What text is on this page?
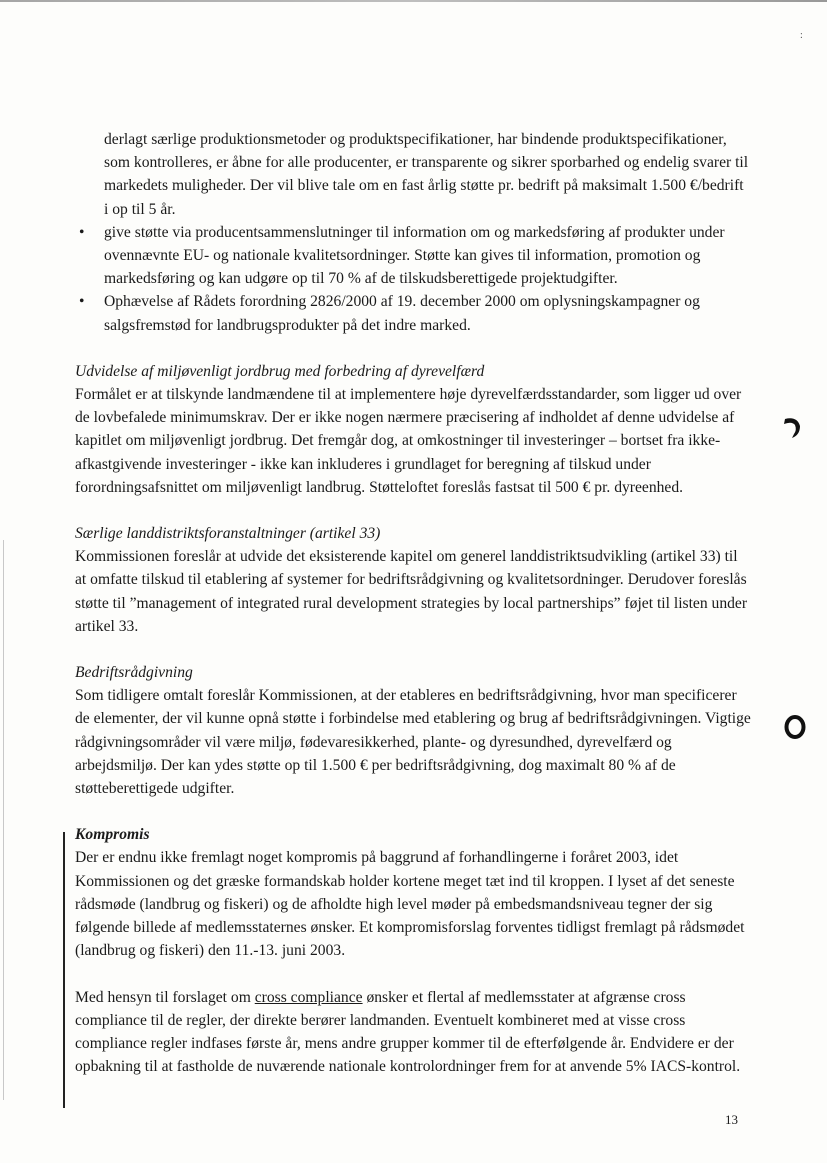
:

derlagt særlige produktionsmetoder og produktspecifikationer, har bindende produktspecifikationer, som kontrolleres, er åbne for alle producenter, er transparente og sikrer sporbarhed og endelig svarer til markedets muligheder. Der vil blive tale om en fast årlig støtte pr. bedrift på maksimalt 1.500 €/bedrift i op til 5 år.

• give støtte via producentsammenslutninger til information om og markedsføring af produkter under ovennævnte EU- og nationale kvalitetsordninger. Støtte kan gives til information, promotion og markedsføring og kan udgøre op til 70 % af de tilskudsberettigede projektudgifter.
• Ophævelse af Rådets forordning 2826/2000 af 19. december 2000 om oplysningskampagner og salgsfremstød for landbrugsprodukter på det indre marked.

Udvidelse af miljøvenligt jordbrug med forbedring af dyrevelfærd

Formålet er at tilskynde landmændene til at implementere høje dyrevelfærdsstandarder, som ligger ud over de lovbefalede minimumskrav. Der er ikke nogen nærmere præcisering af indholdet af denne udvidelse af kapitlet om miljøvenligt jordbrug. Det fremgår dog, at omkostninger til investeringer – bortset fra ikke-afkastgivende investeringer - ikke kan inkluderes i grundlaget for beregning af tilskud under forordningsafsnittet om miljøvenligt landbrug. Støtteloftet foreslås fastsat til 500 € pr. dyreenhed.

Særlige landdistriktsforanstaltninger (artikel 33)

Kommissionen foreslår at udvide det eksisterende kapitel om generel landdistriktsudvikling (artikel 33) til at omfatte tilskud til etablering af systemer for bedriftsrådgivning og kvalitetsordninger. Derudover foreslås støtte til ”management of integrated rural development strategies by local partnerships” føjet til listen under artikel 33.

Bedriftsrådgivning

Som tidligere omtalt foreslår Kommissionen, at der etableres en bedriftsrådgivning, hvor man specificerer de elementer, der vil kunne opnå støtte i forbindelse med etablering og brug af bedriftsrådgivningen. Vigtige rådgivningsområder vil være miljø, fødevaresikkerhed, plante- og dyresundhed, dyrevelfærd og arbejdsmiljø. Der kan ydes støtte op til 1.500 € per bedriftsrådgivning, dog maximalt 80 % af de støtteberettigede udgifter.

Kompromis

Der er endnu ikke fremlagt noget kompromis på baggrund af forhandlingerne i foråret 2003, idet Kommissionen og det græske formandskab holder kortene meget tæt ind til kroppen. I lyset af det seneste rådsmøde (landbrug og fiskeri) og de afholdte high level møder på embedsmandsniveau tegner der sig følgende billede af medlemsstaternes ønsker. Et kompromisforslag forventes tidligst fremlagt på rådsmødet (landbrug og fiskeri) den 11.-13. juni 2003.

Med hensyn til forslaget om cross compliance ønsker et flertal af medlemsstater at afgrænse cross compliance til de regler, der direkte berører landmanden. Eventuelt kombineret med at visse cross compliance regler indfases første år, mens andre grupper kommer til de efterfølgende år. Endvidere er der opbakning til at fastholde de nuværende nationale kontrolordninger frem for at anvende 5% IACS-kontrol.

13
